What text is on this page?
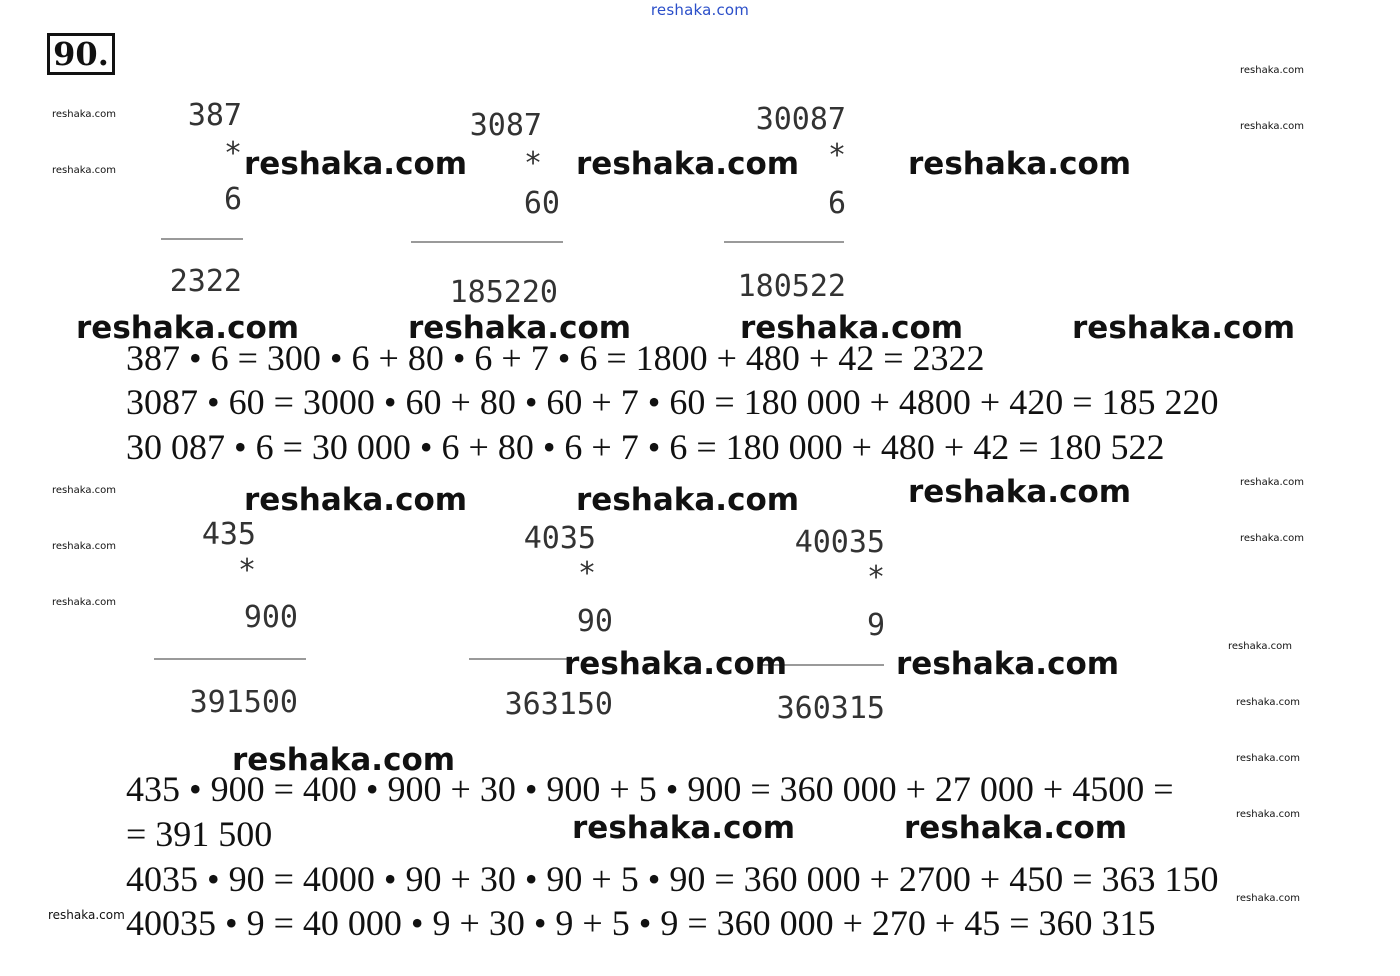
reshaka.com
90.
reshaka.com
reshaka.com
reshaka.com
reshaka.com
reshaka.com
reshaka.com
reshaka.com
reshaka.com
reshaka.com
reshaka.com
reshaka.com
reshaka.com
reshaka.com
reshaka.com
reshaka.com
387
*
6
2322
3087
*
60
185220
30087
*
6
180522
reshaka.com	reshaka.com	reshaka.com
reshaka.com	reshaka.com	reshaka.com	reshaka.com
387 • 6 = 300 • 6 + 80 • 6 + 7 • 6 = 1800 + 480 + 42 = 2322
3087 • 60 = 3000 • 60 + 80 • 60 + 7 • 60 = 180 000 + 4800 + 420 = 185 220
30 087 • 6 = 30 000 • 6 + 80 • 6 + 7 • 6 = 180 000 + 480 + 42 = 180 522
reshaka.com	reshaka.com	reshaka.com
435
*
900
391500
4035
*
90
363150
40035
*
9
360315
reshaka.com	reshaka.com
reshaka.com
435 • 900 = 400 • 900 + 30 • 900 + 5 • 900 = 360 000 + 27 000 + 4500 =
= 391 500	reshaka.com	reshaka.com
4035 • 90 = 4000 • 90 + 30 • 90 + 5 • 90 = 360 000 + 2700 + 450 = 363 150
40035 • 9 = 40 000 • 9 + 30 • 9 + 5 • 9 = 360 000 + 270 + 45 = 360 315
